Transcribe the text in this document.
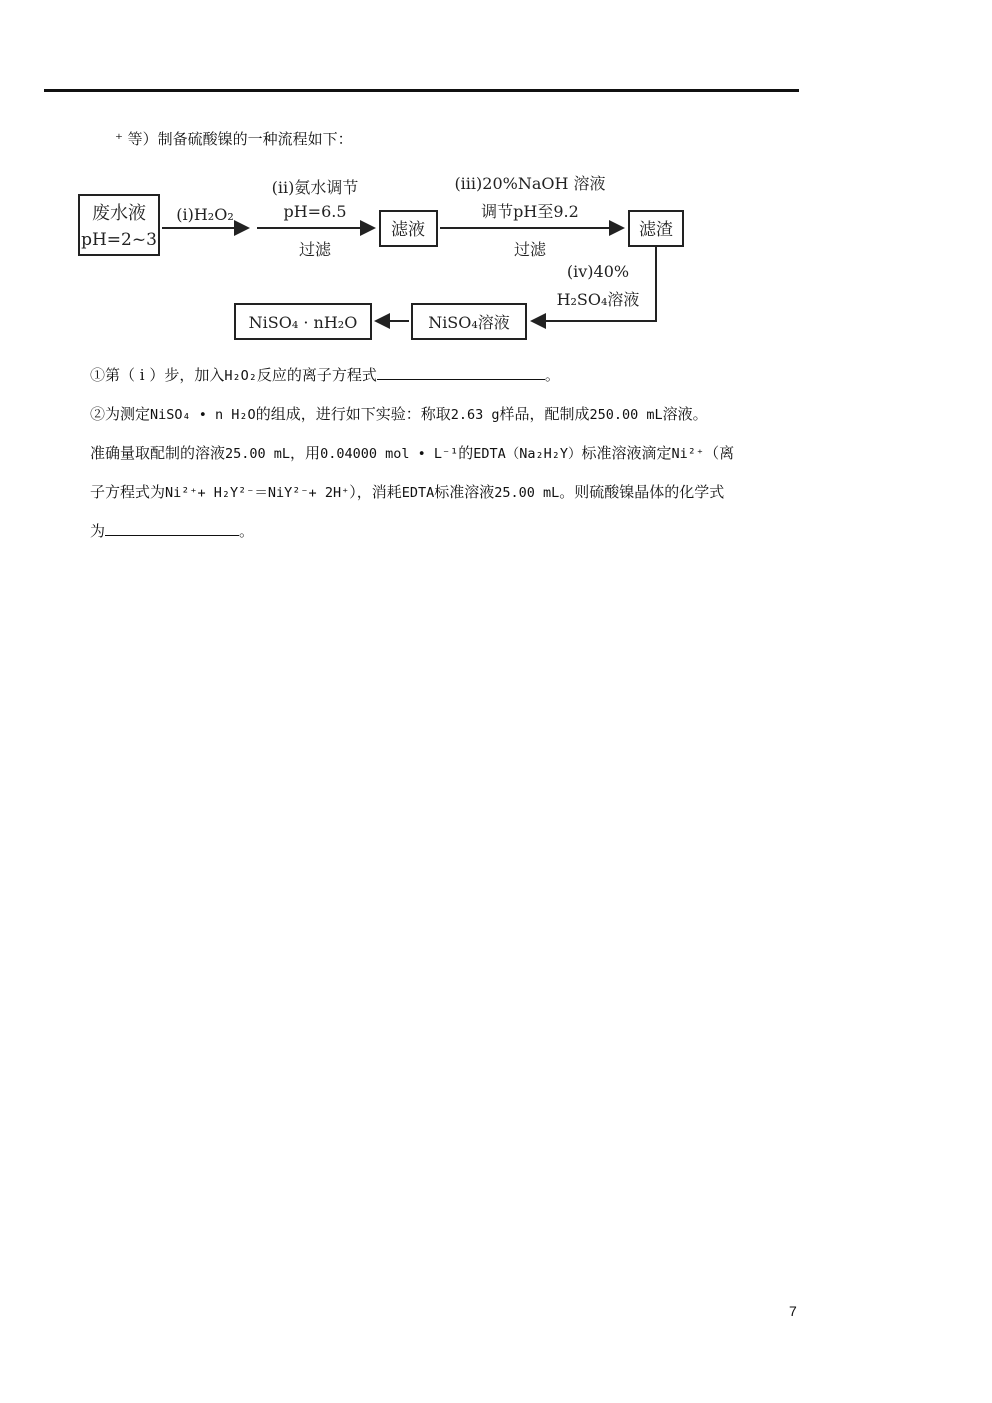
⁺ 等）制备硫酸镍的一种流程如下：
废水液
pH=2~3
(i)H₂O₂
(ii)氨水调节
pH=6.5
过滤
滤液
(iii)20%NaOH 溶液
调节pH至9.2
过滤
滤渣
(iv)40%
H₂SO₄溶液
NiSO₄溶液
NiSO₄ · nH₂O
①第（ i ）步，加入H₂O₂反应的离子方程式	。
②为测定NiSO₄ • n H₂O的组成，进行如下实验：称取2.63 g样品，配制成250.00 mL溶液。
准确量取配制的溶液25.00 mL，用0.04000 mol • L⁻¹的EDTA（Na₂H₂Y）标准溶液滴定Ni²⁺（离
子方程式为Ni²⁺+ H₂Y²⁻＝NiY²⁻+ 2H⁺），消耗EDTA标准溶液25.00 mL。则硫酸镍晶体的化学式
为	。
7
